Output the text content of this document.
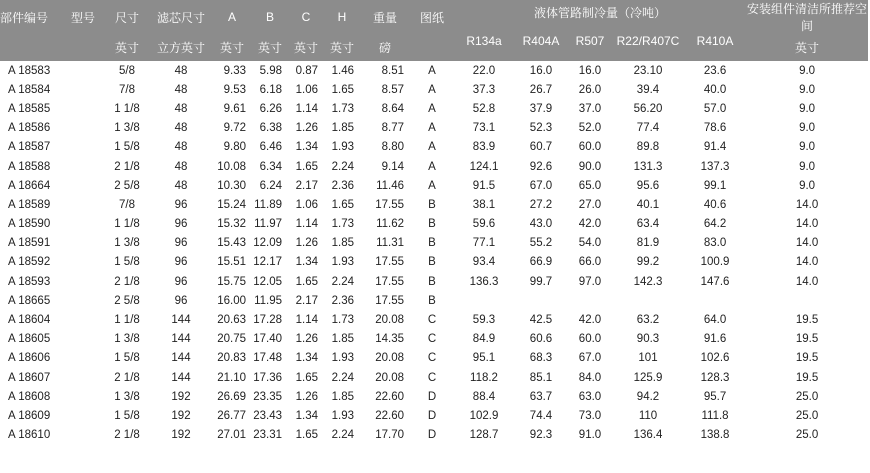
部件编号	型号	尺寸	滤芯尺寸	A	B	C	H	重量	图纸	液体管路制冷量（冷吨）					安装组件清洁所推荐空间
		英寸	立方英寸	英寸	英寸	英寸	英寸	磅		R134a	R404A	R507	R22/R407C	R410A	英寸
A 18583		5/8	48	9.33	5.98	0.87	1.46	8.51	A	22.0	16.0	16.0	23.10	23.6	9.0
A 18584		7/8	48	9.53	6.18	1.06	1.65	8.57	A	37.3	26.7	26.0	39.4	40.0	9.0
A 18585		1 1/8	48	9.61	6.26	1.14	1.73	8.64	A	52.8	37.9	37.0	56.20	57.0	9.0
A 18586		1 3/8	48	9.72	6.38	1.26	1.85	8.77	A	73.1	52.3	52.0	77.4	78.6	9.0
A 18587		1 5/8	48	9.80	6.46	1.34	1.93	8.80	A	83.9	60.7	60.0	89.8	91.4	9.0
A 18588		2 1/8	48	10.08	6.34	1.65	2.24	9.14	A	124.1	92.6	90.0	131.3	137.3	9.0
A 18664		2 5/8	48	10.30	6.24	2.17	2.36	11.46	A	91.5	67.0	65.0	95.6	99.1	9.0
A 18589		7/8	96	15.24	11.89	1.06	1.65	17.55	B	38.1	27.2	27.0	40.1	40.6	14.0
A 18590		1 1/8	96	15.32	11.97	1.14	1.73	11.62	B	59.6	43.0	42.0	63.4	64.2	14.0
A 18591		1 3/8	96	15.43	12.09	1.26	1.85	11.31	B	77.1	55.2	54.0	81.9	83.0	14.0
A 18592		1 5/8	96	15.51	12.17	1.34	1.93	17.55	B	93.4	66.9	66.0	99.2	100.9	14.0
A 18593		2 1/8	96	15.75	12.05	1.65	2.24	17.55	B	136.3	99.7	97.0	142.3	147.6	14.0
A 18665		2 5/8	96	16.00	11.95	2.17	2.36	17.55	B						
A 18604		1 1/8	144	20.63	17.28	1.14	1.73	20.08	C	59.3	42.5	42.0	63.2	64.0	19.5
A 18605		1 3/8	144	20.75	17.40	1.26	1.85	14.35	C	84.9	60.6	60.0	90.3	91.6	19.5
A 18606		1 5/8	144	20.83	17.48	1.34	1.93	20.08	C	95.1	68.3	67.0	101	102.6	19.5
A 18607		2 1/8	144	21.10	17.36	1.65	2.24	20.08	C	118.2	85.1	84.0	125.9	128.3	19.5
A 18608		1 3/8	192	26.69	23.35	1.26	1.85	22.60	D	88.4	63.7	63.0	94.2	95.7	25.0
A 18609		1 5/8	192	26.77	23.43	1.34	1.93	22.60	D	102.9	74.4	73.0	110	111.8	25.0
A 18610		2 1/8	192	27.01	23.31	1.65	2.24	17.70	D	128.7	92.3	91.0	136.4	138.8	25.0
